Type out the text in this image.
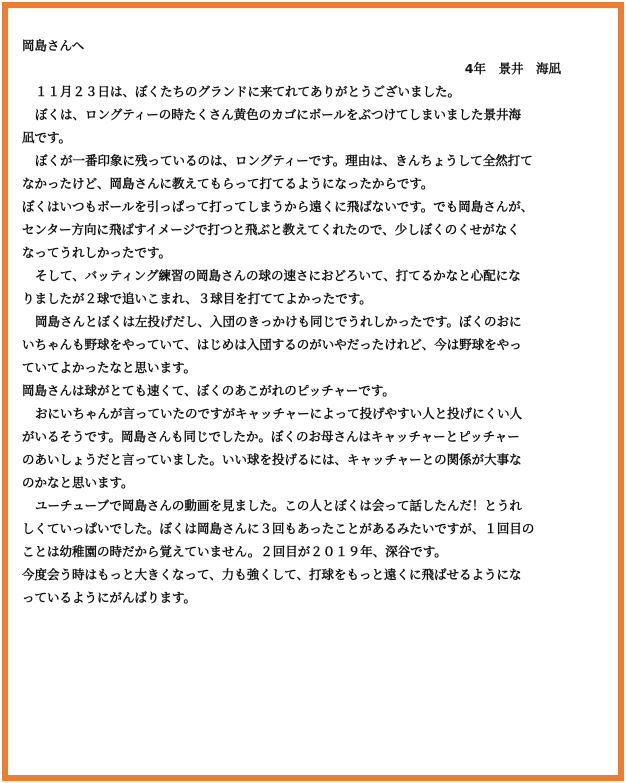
岡島さんへ
4年　景井　海凪
１１月２３日は、ぼくたちのグランドに来てれてありがとうございました。
ぼくは、ロングティーの時たくさん黄色のカゴにボールをぶつけてしまいました景井海
凪です。
ぼくが一番印象に残っているのは、ロングティーです。理由は、きんちょうして全然打て
なかったけど、岡島さんに教えてもらって打てるようになったからです。
ぼくはいつもボールを引っぱって打ってしまうから遠くに飛ばないです。でも岡島さんが、
センター方向に飛ばすイメージで打つと飛ぶと教えてくれたので、少しぼくのくせがなく
なってうれしかったです。
そして、バッティング練習の岡島さんの球の速さにおどろいて、打てるかなと心配にな
りましたが２球で追いこまれ、３球目を打ててよかったです。
岡島さんとぼくは左投げだし、入団のきっかけも同じでうれしかったです。ぼくのおに
いちゃんも野球をやっていて、はじめは入団するのがいやだったけれど、今は野球をやっ
ていてよかったなと思います。
岡島さんは球がとても速くて、ぼくのあこがれのピッチャーです。
おにいちゃんが言っていたのですがキャッチャーによって投げやすい人と投げにくい人
がいるそうです。岡島さんも同じでしたか。ぼくのお母さんはキャッチャーとピッチャー
のあいしょうだと言っていました。いい球を投げるには、キャッチャーとの関係が大事な
のかなと思います。
ユーチューブで岡島さんの動画を見ました。この人とぼくは会って話したんだ！とうれ
しくていっぱいでした。ぼくは岡島さんに３回もあったことがあるみたいですが、１回目の
ことは幼稚園の時だから覚えていません。２回目が２０１９年、深谷です。
今度会う時はもっと大きくなって、力も強くして、打球をもっと遠くに飛ばせるようにな
っているようにがんばります。
